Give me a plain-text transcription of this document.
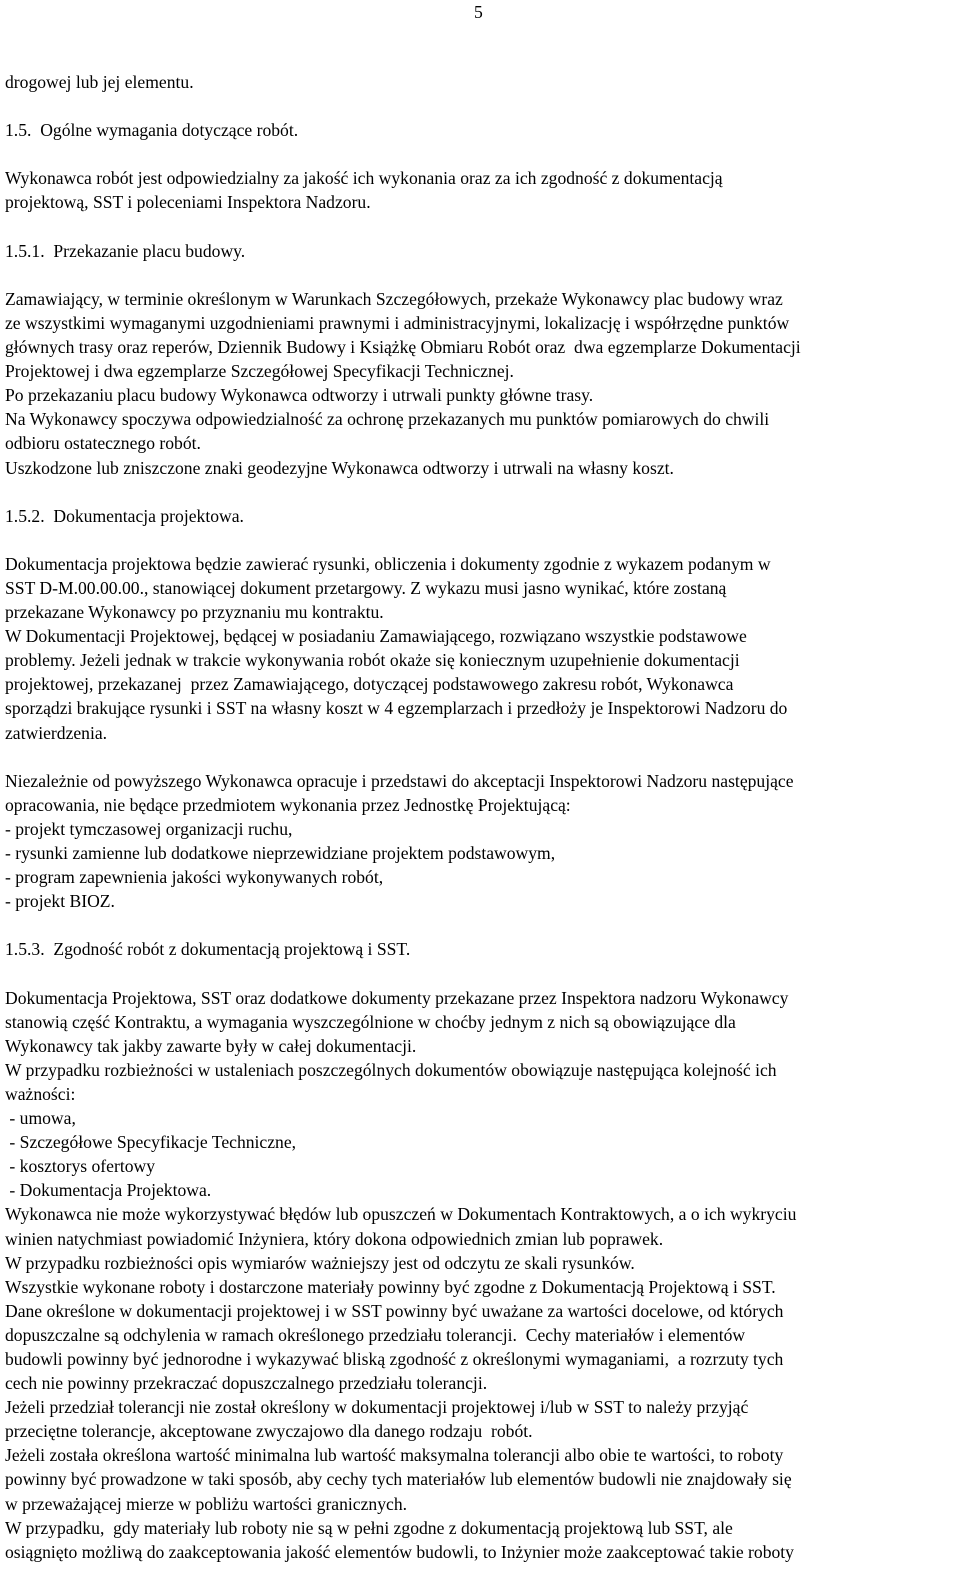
5

drogowej lub jej elementu.

1.5.  Ogólne wymagania dotyczące robót.

Wykonawca robót jest odpowiedzialny za jakość ich wykonania oraz za ich zgodność z dokumentacją

projektową, SST i poleceniami Inspektora Nadzoru.

1.5.1.  Przekazanie placu budowy.

Zamawiający, w terminie określonym w Warunkach Szczegółowych, przekaże Wykonawcy plac budowy wraz

ze wszystkimi wymaganymi uzgodnieniami prawnymi i administracyjnymi, lokalizację i współrzędne punktów

głównych trasy oraz reperów, Dziennik Budowy i Książkę Obmiaru Robót oraz  dwa egzemplarze Dokumentacji

Projektowej i dwa egzemplarze Szczegółowej Specyfikacji Technicznej.

Po przekazaniu placu budowy Wykonawca odtworzy i utrwali punkty główne trasy.

Na Wykonawcy spoczywa odpowiedzialność za ochronę przekazanych mu punktów pomiarowych do chwili

odbioru ostatecznego robót.

Uszkodzone lub zniszczone znaki geodezyjne Wykonawca odtworzy i utrwali na własny koszt.

1.5.2.  Dokumentacja projektowa.

Dokumentacja projektowa będzie zawierać rysunki, obliczenia i dokumenty zgodnie z wykazem podanym w

SST D-M.00.00.00., stanowiącej dokument przetargowy. Z wykazu musi jasno wynikać, które zostaną

przekazane Wykonawcy po przyznaniu mu kontraktu.

W Dokumentacji Projektowej, będącej w posiadaniu Zamawiającego, rozwiązano wszystkie podstawowe

problemy. Jeżeli jednak w trakcie wykonywania robót okaże się koniecznym uzupełnienie dokumentacji

projektowej, przekazanej  przez Zamawiającego, dotyczącej podstawowego zakresu robót, Wykonawca

sporządzi brakujące rysunki i SST na własny koszt w 4 egzemplarzach i przedłoży je Inspektorowi Nadzoru do

zatwierdzenia.

Niezależnie od powyższego Wykonawca opracuje i przedstawi do akceptacji Inspektorowi Nadzoru następujące

opracowania, nie będące przedmiotem wykonania przez Jednostkę Projektującą:

- projekt tymczasowej organizacji ruchu,

- rysunki zamienne lub dodatkowe nieprzewidziane projektem podstawowym,

- program zapewnienia jakości wykonywanych robót,

- projekt BIOZ.

1.5.3.  Zgodność robót z dokumentacją projektową i SST.

Dokumentacja Projektowa, SST oraz dodatkowe dokumenty przekazane przez Inspektora nadzoru Wykonawcy

stanowią część Kontraktu, a wymagania wyszczególnione w choćby jednym z nich są obowiązujące dla

Wykonawcy tak jakby zawarte były w całej dokumentacji.

W przypadku rozbieżności w ustaleniach poszczególnych dokumentów obowiązuje następująca kolejność ich

ważności:

- umowa,

- Szczegółowe Specyfikacje Techniczne,

- kosztorys ofertowy

- Dokumentacja Projektowa.

Wykonawca nie może wykorzystywać błędów lub opuszczeń w Dokumentach Kontraktowych, a o ich wykryciu

winien natychmiast powiadomić Inżyniera, który dokona odpowiednich zmian lub poprawek.

W przypadku rozbieżności opis wymiarów ważniejszy jest od odczytu ze skali rysunków.

Wszystkie wykonane roboty i dostarczone materiały powinny być zgodne z Dokumentacją Projektową i SST.

Dane określone w dokumentacji projektowej i w SST powinny być uważane za wartości docelowe, od których

dopuszczalne są odchylenia w ramach określonego przedziału tolerancji.  Cechy materiałów i elementów

budowli powinny być jednorodne i wykazywać bliską zgodność z określonymi wymaganiami,  a rozrzuty tych

cech nie powinny przekraczać dopuszczalnego przedziału tolerancji.

Jeżeli przedział tolerancji nie został określony w dokumentacji projektowej i/lub w SST to należy przyjąć

przeciętne tolerancje, akceptowane zwyczajowo dla danego rodzaju  robót.

Jeżeli została określona wartość minimalna lub wartość maksymalna tolerancji albo obie te wartości, to roboty

powinny być prowadzone w taki sposób, aby cechy tych materiałów lub elementów budowli nie znajdowały się

w przeważającej mierze w pobliżu wartości granicznych.

W przypadku,  gdy materiały lub roboty nie są w pełni zgodne z dokumentacją projektową lub SST, ale

osiągnięto możliwą do zaakceptowania jakość elementów budowli, to Inżynier może zaakceptować takie roboty
